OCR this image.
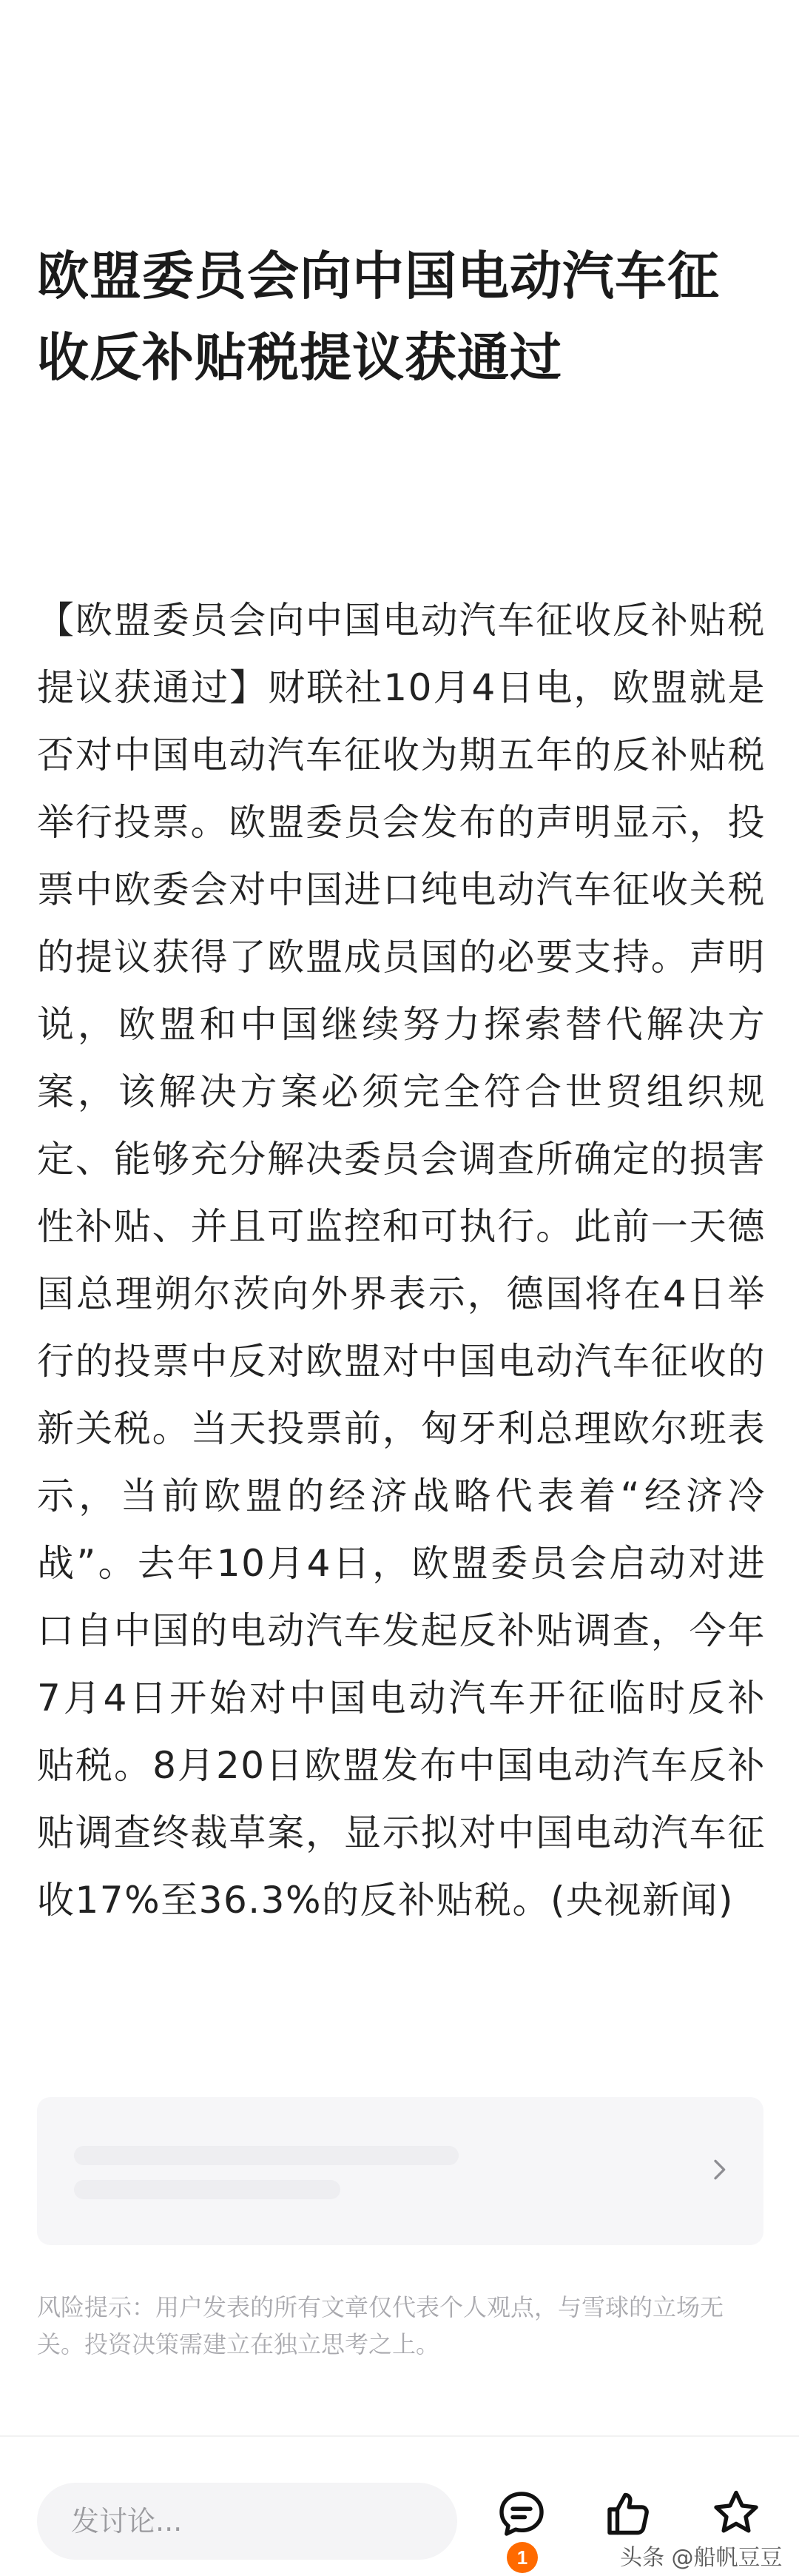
欧盟委员会向中国电动汽车征收反补贴税提议获通过

【欧盟委员会向中国电动汽车征收反补贴税提议获通过】财联社10月4日电，欧盟就是否对中国电动汽车征收为期五年的反补贴税举行投票。欧盟委员会发布的声明显示，投票中欧委会对中国进口纯电动汽车征收关税的提议获得了欧盟成员国的必要支持。声明说，欧盟和中国继续努力探索替代解决方案，该解决方案必须完全符合世贸组织规定、能够充分解决委员会调查所确定的损害性补贴、并且可监控和可执行。此前一天德国总理朔尔茨向外界表示，德国将在4日举行的投票中反对欧盟对中国电动汽车征收的新关税。当天投票前，匈牙利总理欧尔班表示，当前欧盟的经济战略代表着“经济冷战”。去年10月4日，欧盟委员会启动对进口自中国的电动汽车发起反补贴调查，今年7月4日开始对中国电动汽车开征临时反补贴税。8月20日欧盟发布中国电动汽车反补贴调查终裁草案，显示拟对中国电动汽车征收17%至36.3%的反补贴税。(央视新闻)

风险提示：用户发表的所有文章仅代表个人观点，与雪球的立场无关。投资决策需建立在独立思考之上。

发讨论...
1	头条 @船帆豆豆
